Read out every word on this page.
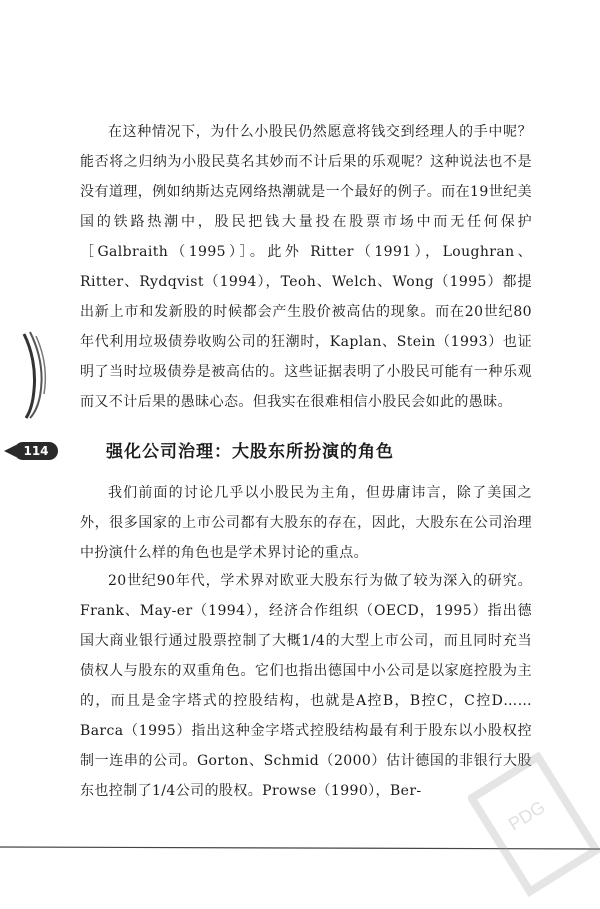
在这种情况下，为什么小股民仍然愿意将钱交到经理人的手中呢？能否将之归纳为小股民莫名其妙而不计后果的乐观呢？这种说法也不是没有道理，例如纳斯达克网络热潮就是一个最好的例子。而在19世纪美国的铁路热潮中，股民把钱大量投在股票市场中而无任何保护［Galbraith（1995）］。此外 Ritter（1991），Loughran、Ritter、Rydqvist（1994），Teoh、Welch、Wong（1995）都提出新上市和发新股的时候都会产生股价被高估的现象。而在20世纪80年代利用垃圾债券收购公司的狂潮时，Kaplan、Stein（1993）也证明了当时垃圾债券是被高估的。这些证据表明了小股民可能有一种乐观而又不计后果的愚昧心态。但我实在很难相信小股民会如此的愚昧。

114	强化公司治理：大股东所扮演的角色

我们前面的讨论几乎以小股民为主角，但毋庸讳言，除了美国之外，很多国家的上市公司都有大股东的存在，因此，大股东在公司治理中扮演什么样的角色也是学术界讨论的重点。

20世纪90年代，学术界对欧亚大股东行为做了较为深入的研究。Frank、May-er（1994），经济合作组织（OECD，1995）指出德国大商业银行通过股票控制了大概1/4的大型上市公司，而且同时充当债权人与股东的双重角色。它们也指出德国中小公司是以家庭控股为主的，而且是金字塔式的控股结构，也就是A控B，B控C，C控D……Barca（1995）指出这种金字塔式控股结构最有利于股东以小股权控制一连串的公司。Gorton、Schmid（2000）估计德国的非银行大股东也控制了1/4公司的股权。Prowse（1990），Ber-

PDG
